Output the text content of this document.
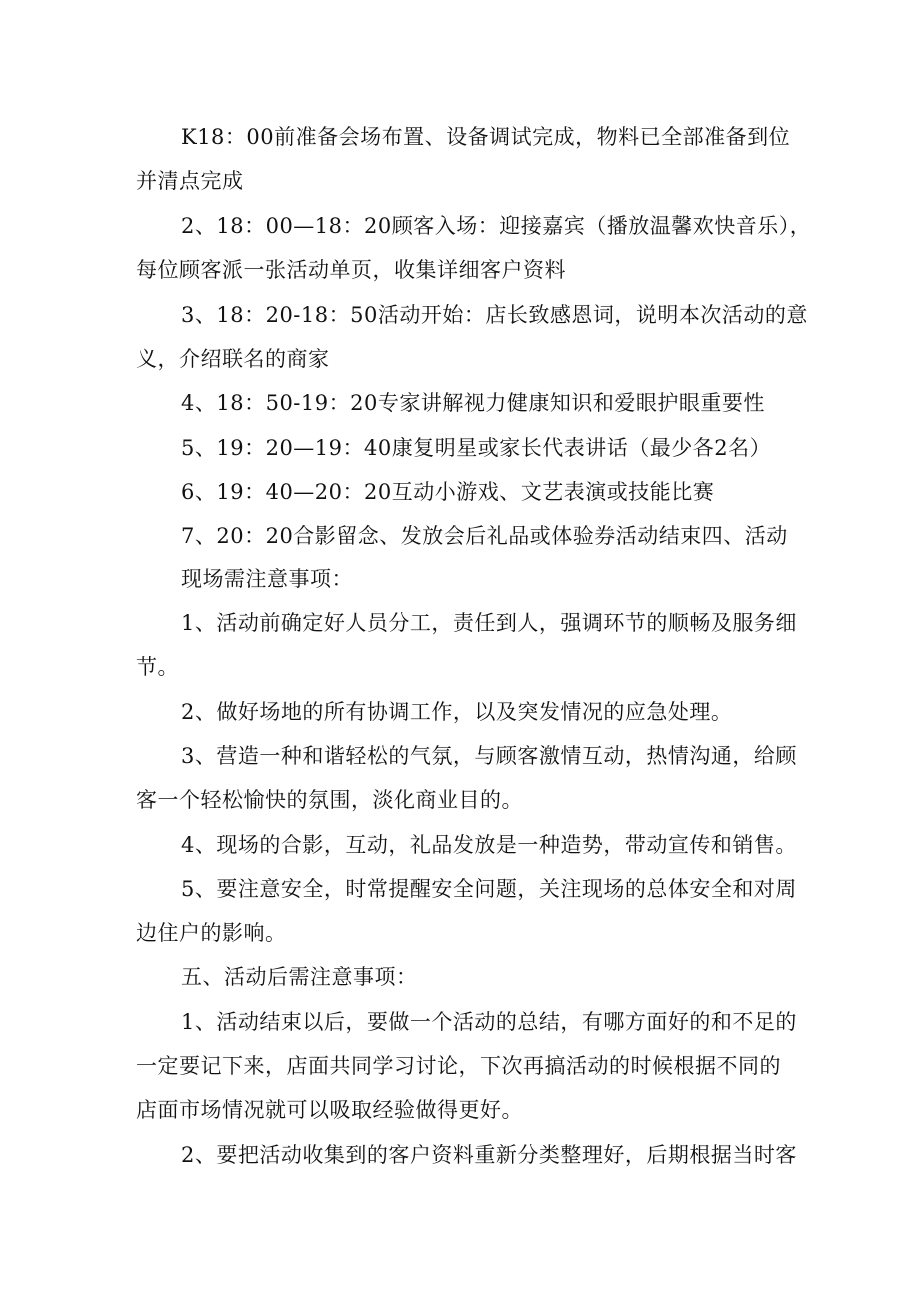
K18：00前准备会场布置、设备调试完成，物料已全部准备到位
并清点完成
2、18：00—18：20顾客入场：迎接嘉宾（播放温馨欢快音乐），
每位顾客派一张活动单页，收集详细客户资料
3、18：20-18：50活动开始：店长致感恩词，说明本次活动的意
义，介绍联名的商家
4、18：50-19：20专家讲解视力健康知识和爱眼护眼重要性
5、19：20—19：40康复明星或家长代表讲话（最少各2名）
6、19：40—20：20互动小游戏、文艺表演或技能比赛
7、20：20合影留念、发放会后礼品或体验券活动结束四、活动
现场需注意事项：
1、活动前确定好人员分工，责任到人，强调环节的顺畅及服务细
节。
2、做好场地的所有协调工作，以及突发情况的应急处理。
3、营造一种和谐轻松的气氛，与顾客激情互动，热情沟通，给顾
客一个轻松愉快的氛围，淡化商业目的。
4、现场的合影，互动，礼品发放是一种造势，带动宣传和销售。
5、要注意安全，时常提醒安全问题，关注现场的总体安全和对周
边住户的影响。
五、活动后需注意事项：
1、活动结束以后，要做一个活动的总结，有哪方面好的和不足的
一定要记下来，店面共同学习讨论，下次再搞活动的时候根据不同的
店面市场情况就可以吸取经验做得更好。
2、要把活动收集到的客户资料重新分类整理好，后期根据当时客
